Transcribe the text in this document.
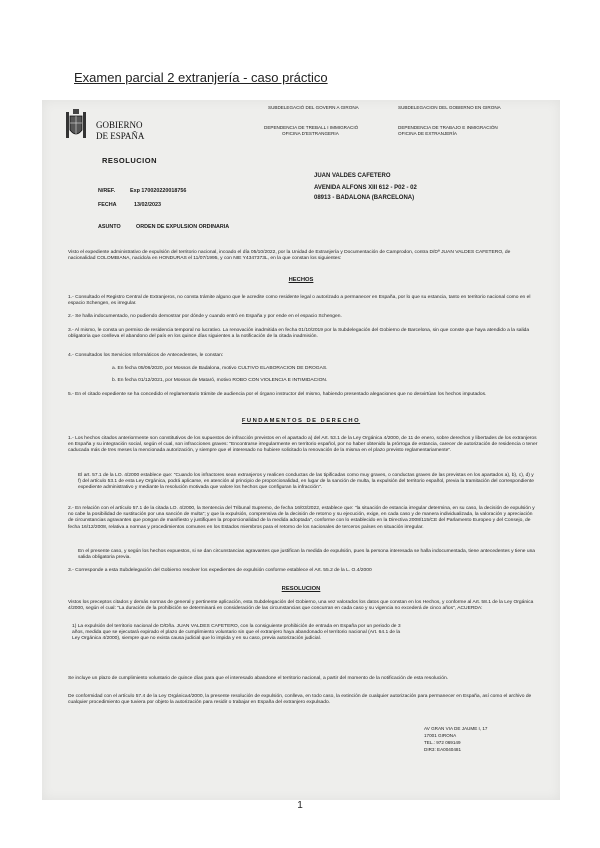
Examen parcial 2 extranjería - caso práctico
GOBIERNO
DE ESPAÑA
SUBDELEGACIÓ DEL GOVERN A GIRONA
DEPENDENCIA DE TREBALL I IMMIGRACIÓ
OFICINA D'ESTRANGERIA
SUBDELEGACION DEL GOBIERNO EN GIRONA
DEPENDENCIA DE TRABAJO E INMIGRACIÓN
OFICINA DE EXTRANJERÍA
RESOLUCION
N/REF.	Exp 170020220018756
FECHA	13/02/2023
ASUNTO	ORDEN DE EXPULSION ORDINARIA
JUAN VALDES CAFETERO
AVENIDA ALFONS XIII 612 - P02 - 02
08913 - BADALONA (BARCELONA)
Visto el expediente administrativo de expulsión del territorio nacional, incoado el día 05/10/2022, por la Unidad de Extranjería y Documentación de Camprodon, contra D/Dª JUAN VALDES CAFETERO, de nacionalidad COLOMBIANA, nacido/a en HONDURAS el 11/07/1995, y con NIE Y4347373L, en la que constan los siguientes:
HECHOS
1.- Consultado el Registro Central de Extranjeros, no consta trámite alguno que le acredite como residente legal o autorizado a permanecer en España, por lo que su estancia, tanto en territorio nacional como en el espacio Schengen, es irregular.
2.- Se halla indocumentado, no pudiendo demostrar por dónde y cuando entró en España y por ende en el espacio Schengen.
3.- Al mismo, le consta un permiso de residencia temporal no lucrativo. La renovación inadmitida en fecha 01/10/2019 por la Subdelegación del Gobierno de Barcelona, sin que conste que haya atendido a la salida obligatoria que conlleva el abandono del país en los quince días siguientes a la notificación de la citada inadmisión.
4.- Consultados los Servicios Informáticos de Antecedentes, le constan:
a. En fecha 05/06/2020, por Mossos de Badalona, motivo CULTIVO ELABORACION DE DROGAS.
b. En fecha 01/12/2021, por Mossos de Mataró, motivo ROBO CON VIOLENCIA E INTIMIDACION.
5.- En el citado expediente se ha concedido el reglamentario trámite de audiencia por el órgano instructor del mismo, habiendo presentado alegaciones que no desvirtúan los hechos imputados.
FUNDAMENTOS DE DERECHO
1.- Los hechos citados anteriormente son constitutivos de los supuestos de infracción previstos en el apartado a) del Art. 53.1 de la Ley Orgánica 4/2000, de 11 de enero, sobre derechos y libertades de los extranjeros en España y su integración social, según el cual, son infracciones graves: "Encontrarse irregularmente en territorio español, por no haber obtenido la prórroga de estancia, carecer de autorización de residencia o tener caducada más de tres meses la mencionada autorización, y siempre que el interesado no hubiere solicitado la renovación de la misma en el plazo previsto reglamentariamente".
El art. 57.1 de la LO. 4/2000 establece que: "Cuando los infractores sean extranjeros y realicen conductas de las tipificadas como muy graves, o conductas graves de las previstas en los apartados a), b), c), d) y f) del artículo 53.1 de esta Ley Orgánica, podrá aplicarse, en atención al principio de proporcionalidad, en lugar de la sanción de multa, la expulsión del territorio español, previa la tramitación del correspondiente expediente administrativo y mediante la resolución motivada que valore los hechos que configuran la infracción".
2.- En relación con el artículo 57.1 de la citada LO. 4/2000, la Sentencia del Tribunal Supremo, de fecha 16/03/2022, establece que: "la situación de estancia irregular determina, en su caso, la decisión de expulsión y no cabe la posibilidad de sustitución por una sanción de multa"; y que la expulsión, comprensiva de la decisión de retorno y su ejecución, exige, en cada caso y de manera individualizada, la valoración y apreciación de circunstancias agravantes que pongan de manifiesto y justifiquen la proporcionalidad de la medida adoptada", conforme con lo establecido en la Directiva 2008/115/CE del Parlamento Europeo y del Consejo, de fecha 16/12/2008, relativa a normas y procedimientos comunes en los Estados miembros para el retorno de los nacionales de terceros países en situación irregular.
En el presente caso, y según los hechos expuestos, si se dan circunstancias agravantes que justifican la medida de expulsión, pues la persona interesada se halla indocumentada, tiene antecedentes y tiene una salida obligatoria previa.
3.- Corresponde a esta Subdelegación del Gobierno resolver los expedientes de expulsión conforme establece el Art. 55.2 de la L. O.4/2000
RESOLUCION
Vistos los preceptos citados y demás normas de general y pertinente aplicación, esta Subdelegación del Gobierno, una vez valorados los datos que constan en los Hechos, y conforme al Art. 58.1 de la Ley Orgánica 4/2000, según el cual: "La duración de la prohibición se determinará en consideración de las circunstancias que concurran en cada caso y su vigencia no excederá de cinco años", ACUERDA:
1) La expulsión del territorio nacional de D/Dña. JUAN VALDES CAFETERO, con la consiguiente prohibición de entrada en España por un periodo de 3 años, medida que se ejecutará expirado el plazo de cumplimiento voluntario sin que el extranjero haya abandonado el territorio nacional (Art. 64.1 de la Ley Orgánica 4/2000), siempre que no exista causa judicial que lo impida y en su caso, previa autorización judicial.
Se incluye un plazo de cumplimiento voluntario de quince días para que el interesado abandone el territorio nacional, a partir del momento de la notificación de esta resolución.
De conformidad con el artículo 57.4 de la Ley Orgánica4/2000, la presente resolución de expulsión, conlleva, en todo caso, la extinción de cualquier autorización para permanecer en España, así como el archivo de cualquier procedimiento que tuviera por objeto la autorización para residir o trabajar en España del extranjero expulsado.
AV GRAN VIA DE JAUME I, 17
17001 GIRONA
TEL.: 972 069149
DIR3: EA0040481
1
